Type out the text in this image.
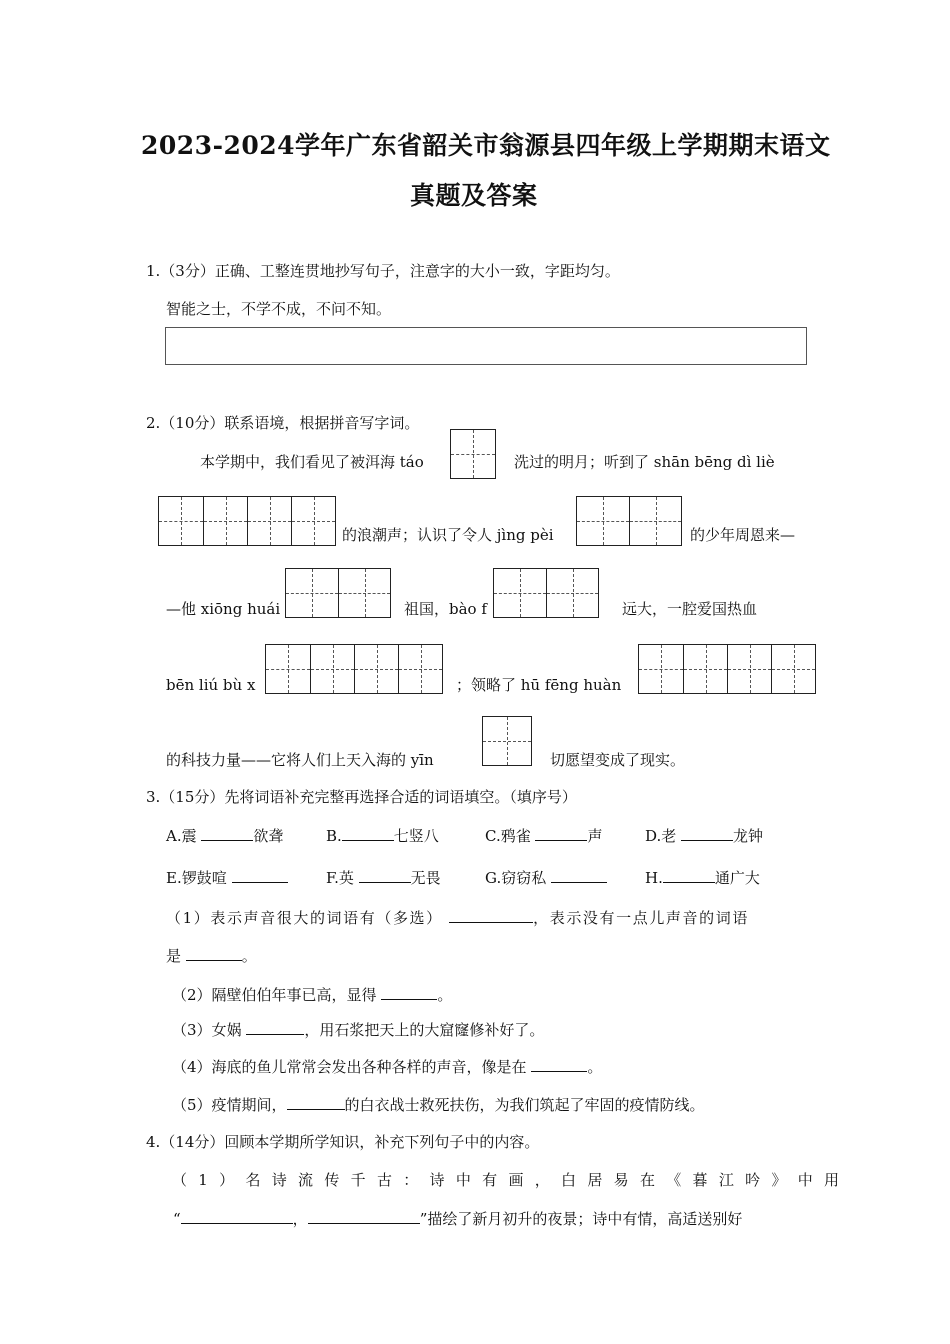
2023-2024学年广东省韶关市翁源县四年级上学期期末语文
真题及答案
1.（3分）正确、工整连贯地抄写句子，注意字的大小一致，字距均匀。
智能之士，不学不成，不问不知。
2.（10分）联系语境，根据拼音写字词。
本学期中，我们看见了被洱海 táo	洗过的明月；听到了 shān bēng dì liè
的浪潮声；认识了令人 jìng pèi	的少年周恩来—
—他 xiōng huái	祖国，bào f	远大，一腔爱国热血
bēn liú bù x	；领略了 hū fēng huàn
的科技力量——它将人们上天入海的 yīn	切愿望变成了现实。
3.（15分）先将词语补充完整再选择合适的词语填空。（填序号）
A.震	欲聋	B.	七竖八	C.鸦雀	声	D.老	龙钟
E.锣鼓喧	F.英	无畏	G.窃窃私	H.	通广大
（1）表示声音很大的词语有（多选）	，表示没有一点儿声音的词语
是	。
（2）隔壁伯伯年事已高，显得	。
（3）女娲	，用石浆把天上的大窟窿修补好了。
（4）海底的鱼儿常常会发出各种各样的声音，像是在	。
（5）疫情期间，	的白衣战士救死扶伤，为我们筑起了牢固的疫情防线。
4.（14分）回顾本学期所学知识，补充下列句子中的内容。
（1）名诗流传千古：诗中有画，白居易在《暮江吟》中用
“	，	”描绘了新月初升的夜景；诗中有情，高适送别好
